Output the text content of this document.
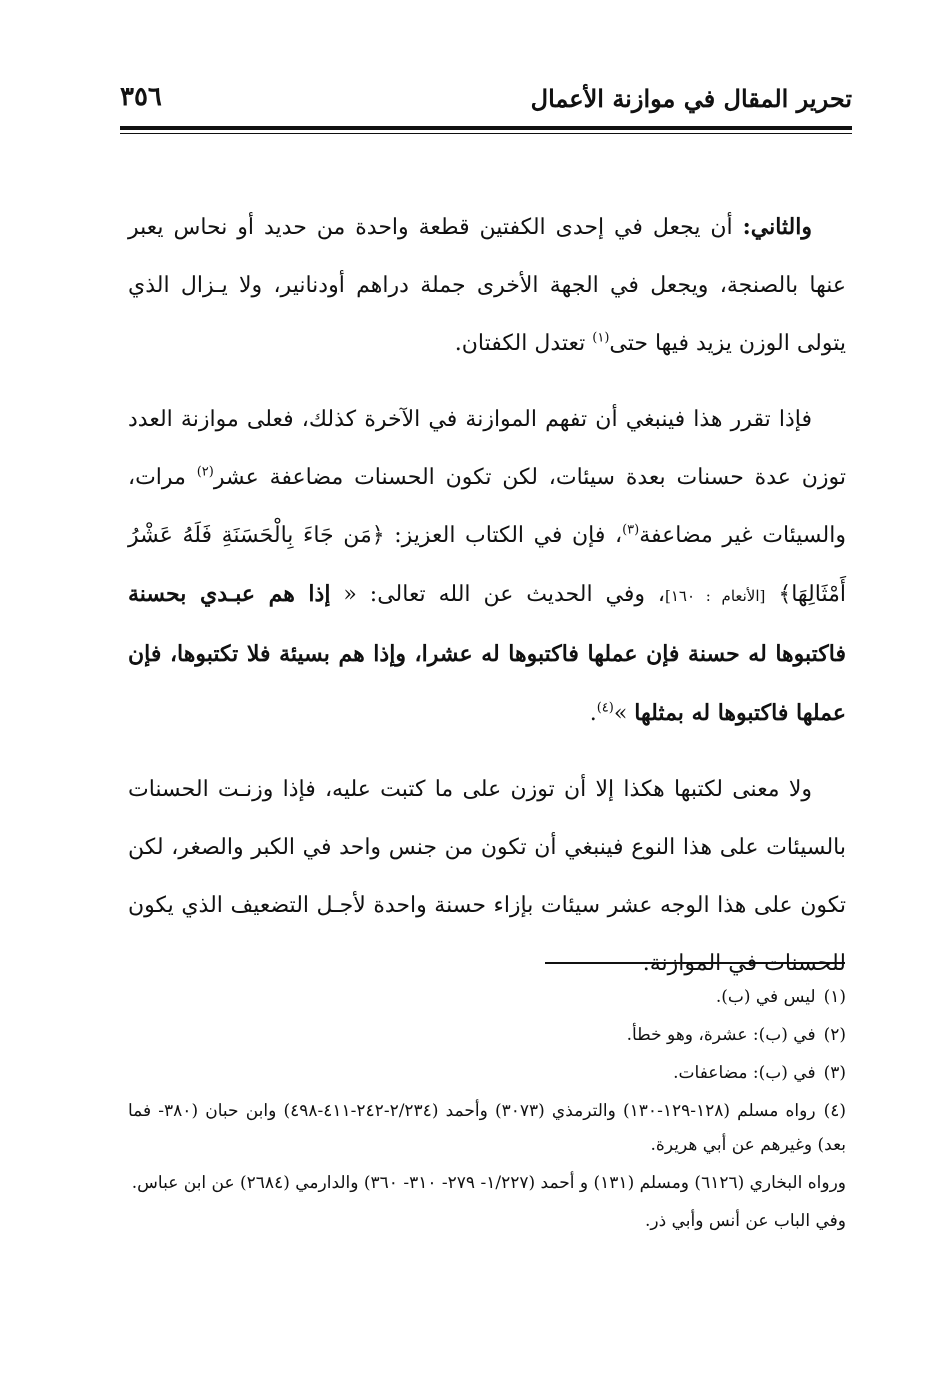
تحرير المقال في موازنة الأعمال
٣٥٦

والثاني: أن يجعل في إحدى الكفتين قطعة واحدة من حديد أو نحاس يعبر عنها بالصنجة، ويجعل في الجهة الأخرى جملة دراهم أودنانير، ولا يـزال الذي يتولى الوزن يزيد فيها حتى$^{(١)}$ تعتدل الكفتان.

فإذا تقرر هذا فينبغي أن تفهم الموازنة في الآخرة كذلك، فعلى موازنة العدد توزن عدة حسنات بعدة سيئات، لكن تكون الحسنات مضاعفة عشر$^{(٢)}$ مرات، والسيئات غير مضاعفة$^{(٣)}$، فإن في الكتاب العزيز: ﴿مَن جَاءَ بِالْحَسَنَةِ فَلَهُ عَشْرُ أَمْثَالِهَا﴾ [الأنعام : ١٦٠]، وفي الحديث عن الله تعالى: « إذا هم عبـدي بحسنة فاكتبوها له حسنة فإن عملها فاكتبوها له عشرا، وإذا هم بسيئة فلا تكتبوها، فإن عملها فاكتبوها له بمثلها »$^{(٤)}$.

ولا معنى لكتبها هكذا إلا أن توزن على ما كتبت عليه، فإذا وزنـت الحسنات بالسيئات على هذا النوع فينبغي أن تكون من جنس واحد في الكبر والصغر، لكن تكون على هذا الوجه عشر سيئات بإزاء حسنة واحدة لأجـل التضعيف الذي يكون للحسنات في الموازنة.

(١)ليس في (ب).
(٢)في (ب): عشرة، وهو خطأ.
(٣)في (ب): مضاعفات.
(٤)رواه مسلم (١٢٨-١٢٩-١٣٠) والترمذي (٣٠٧٣) وأحمد (٢/٢٣٤-٢٤٢-٤١١-٤٩٨) وابن حبان (٣٨٠- فما بعد) وغيرهم عن أبي هريرة.
ورواه البخاري (٦١٢٦) ومسلم (١٣١) و أحمد (١/٢٢٧- ٢٧٩- ٣١٠- ٣٦٠) والدارمي (٢٦٨٤) عن ابن عباس.
وفي الباب عن أنس وأبي ذر.
